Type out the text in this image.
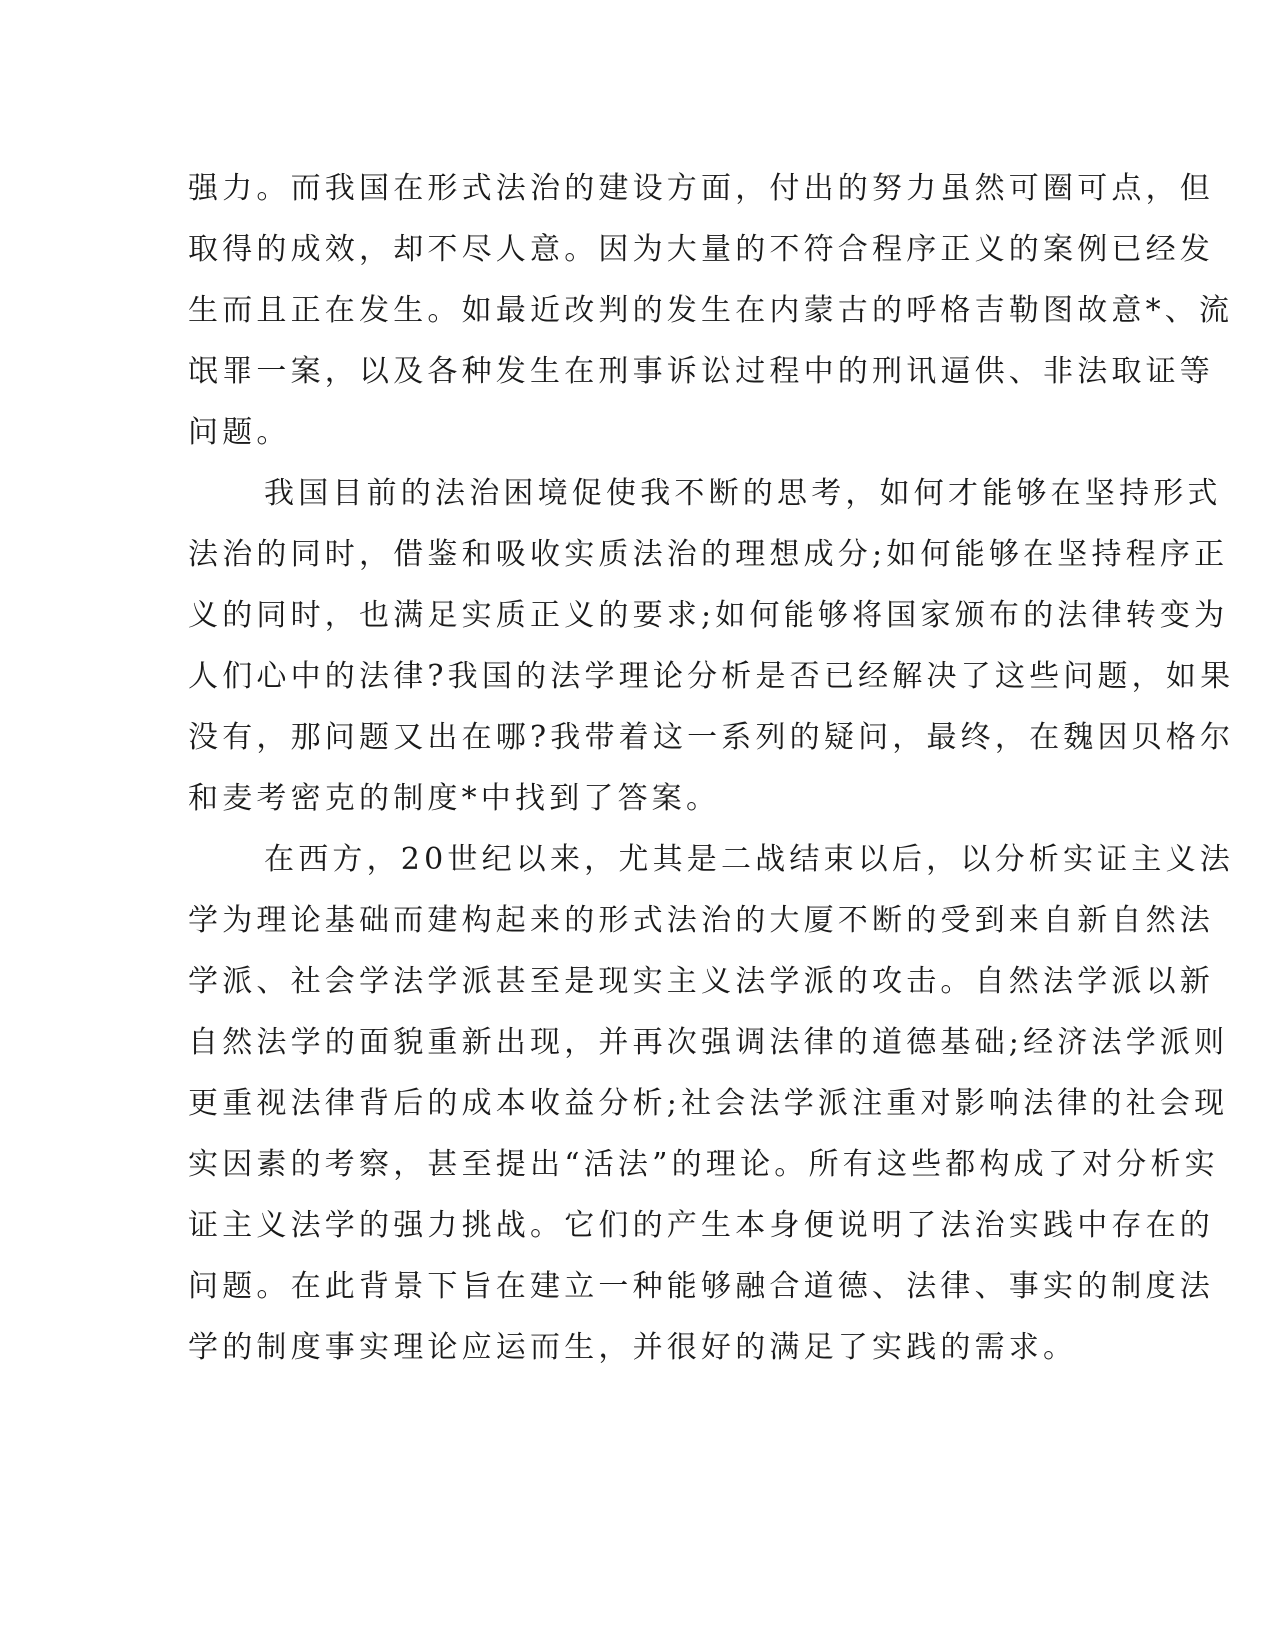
强力。而我国在形式法治的建设方面，付出的努力虽然可圈可点，但
取得的成效，却不尽人意。因为大量的不符合程序正义的案例已经发
生而且正在发生。如最近改判的发生在内蒙古的呼格吉勒图故意*、流
氓罪一案，以及各种发生在刑事诉讼过程中的刑讯逼供、非法取证等
问题。
我国目前的法治困境促使我不断的思考，如何才能够在坚持形式
法治的同时，借鉴和吸收实质法治的理想成分;如何能够在坚持程序正
义的同时，也满足实质正义的要求;如何能够将国家颁布的法律转变为
人们心中的法律?我国的法学理论分析是否已经解决了这些问题，如果
没有，那问题又出在哪?我带着这一系列的疑问，最终，在魏因贝格尔
和麦考密克的制度*中找到了答案。
在西方，20世纪以来，尤其是二战结束以后，以分析实证主义法
学为理论基础而建构起来的形式法治的大厦不断的受到来自新自然法
学派、社会学法学派甚至是现实主义法学派的攻击。自然法学派以新
自然法学的面貌重新出现，并再次强调法律的道德基础;经济法学派则
更重视法律背后的成本收益分析;社会法学派注重对影响法律的社会现
实因素的考察，甚至提出“活法”的理论。所有这些都构成了对分析实
证主义法学的强力挑战。它们的产生本身便说明了法治实践中存在的
问题。在此背景下旨在建立一种能够融合道德、法律、事实的制度法
学的制度事实理论应运而生，并很好的满足了实践的需求。
